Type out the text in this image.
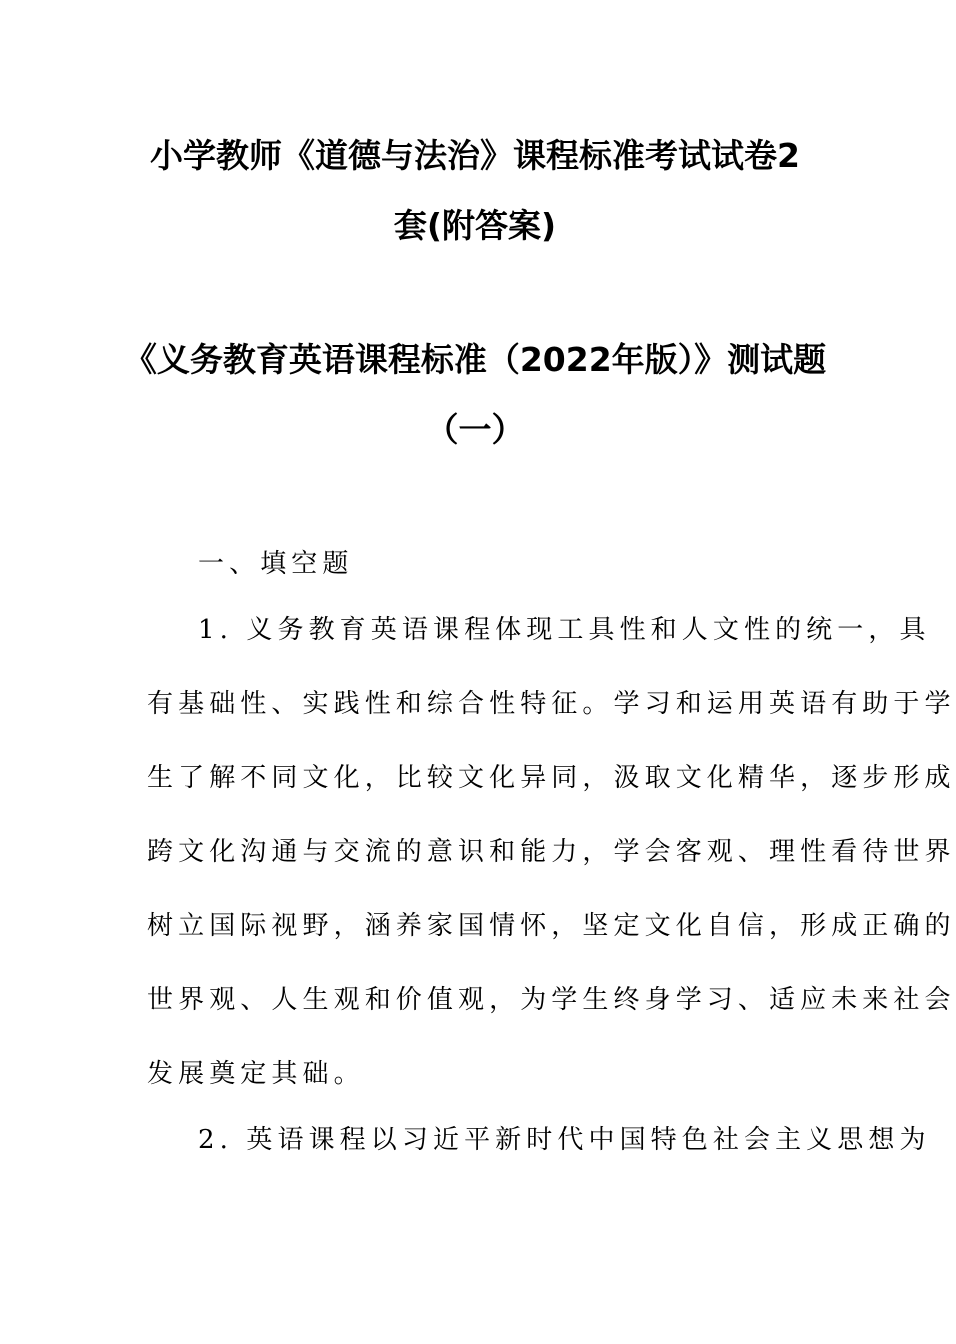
小学教师《道德与法治》课程标准考试试卷2
套(附答案)
《义务教育英语课程标准（2022年版）》测试题
（一）

一、填空题

1. 义务教育英语课程体现工具性和人文性的统一，具

有基础性、实践性和综合性特征。学习和运用英语有助于学

生了解不同文化，比较文化异同，汲取文化精华，逐步形成

跨文化沟通与交流的意识和能力，学会客观、理性看待世界

树立国际视野，涵养家国情怀，坚定文化自信，形成正确的

世界观、人生观和价值观，为学生终身学习、适应未来社会

发展奠定其础。

2. 英语课程以习近平新时代中国特色社会主义思想为
